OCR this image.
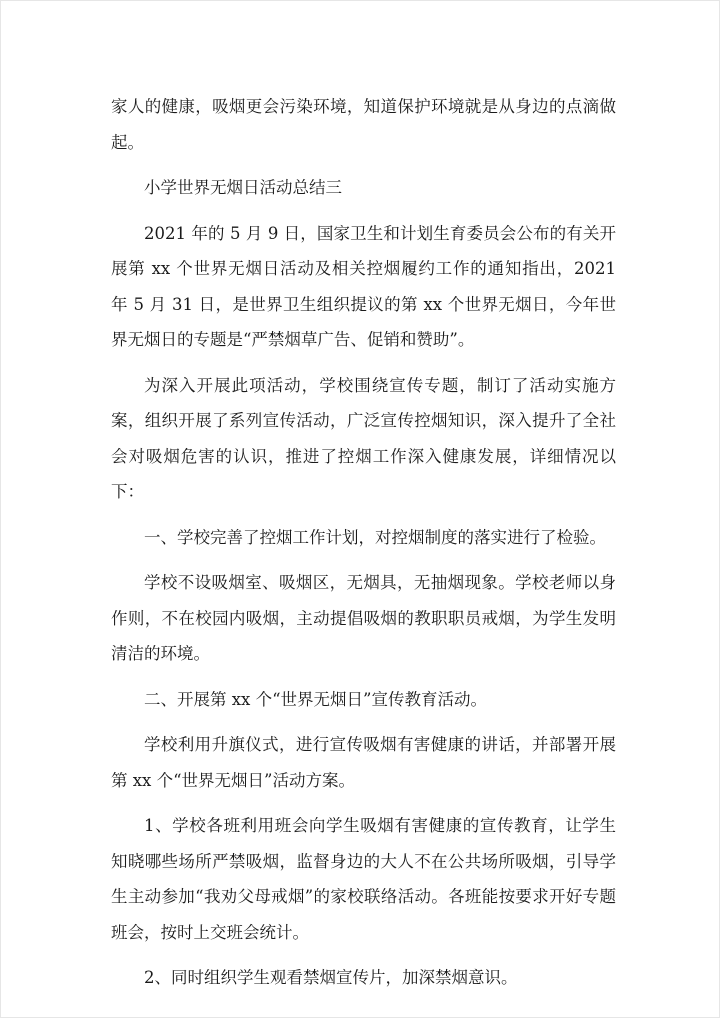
家人的健康，吸烟更会污染环境，知道保护环境就是从身边的点滴做起。

小学世界无烟日活动总结三

2021 年的 5 月 9 日，国家卫生和计划生育委员会公布的有关开展第 xx 个世界无烟日活动及相关控烟履约工作的通知指出，2021 年 5 月 31 日，是世界卫生组织提议的第 xx 个世界无烟日，今年世界无烟日的专题是“严禁烟草广告、促销和赞助”。

为深入开展此项活动，学校围绕宣传专题，制订了活动实施方案，组织开展了系列宣传活动，广泛宣传控烟知识，深入提升了全社会对吸烟危害的认识，推进了控烟工作深入健康发展，详细情况以下：

一、学校完善了控烟工作计划，对控烟制度的落实进行了检验。

学校不设吸烟室、吸烟区，无烟具，无抽烟现象。学校老师以身作则，不在校园内吸烟，主动提倡吸烟的教职职员戒烟，为学生发明清洁的环境。

二、开展第 xx 个“世界无烟日”宣传教育活动。

学校利用升旗仪式，进行宣传吸烟有害健康的讲话，并部署开展第 xx 个“世界无烟日”活动方案。

1、学校各班利用班会向学生吸烟有害健康的宣传教育，让学生知晓哪些场所严禁吸烟，监督身边的大人不在公共场所吸烟，引导学生主动参加“我劝父母戒烟”的家校联络活动。各班能按要求开好专题班会，按时上交班会统计。

2、同时组织学生观看禁烟宣传片，加深禁烟意识。
